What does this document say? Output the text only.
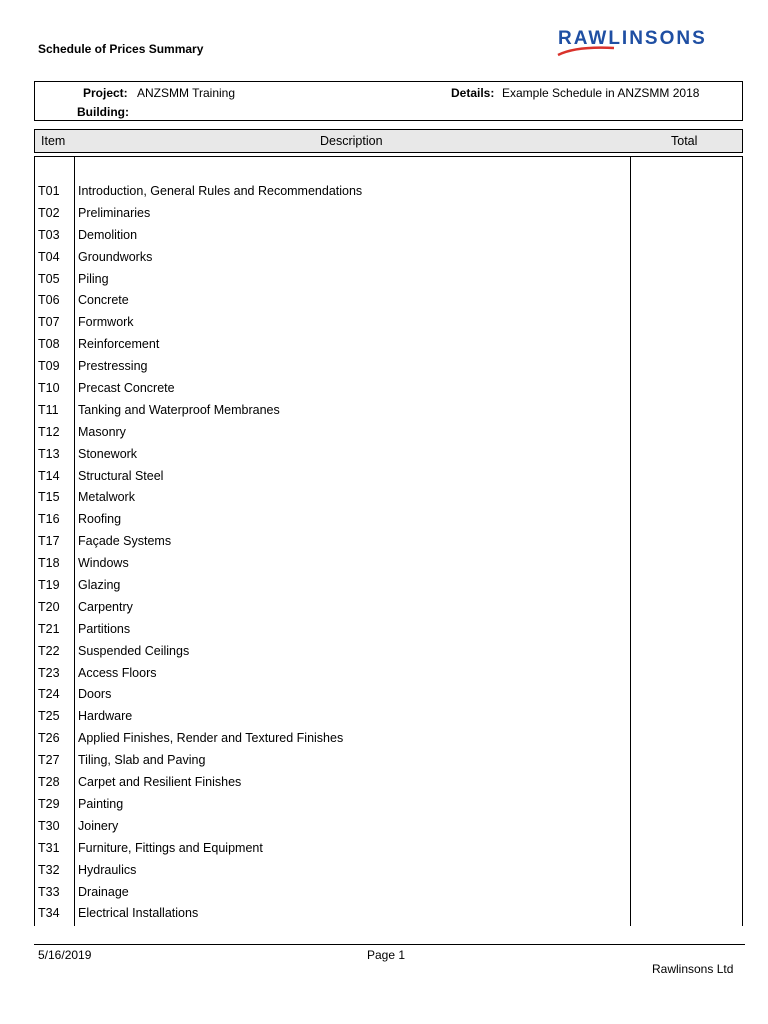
Schedule of Prices Summary	RAWLINSONS
Project: ANZSMM Training
Building:
Details: Example Schedule in ANZSMM 2018
Item	Description	Total
T01 Introduction, General Rules and Recommendations
T02 Preliminaries
T03 Demolition
T04 Groundworks
T05 Piling
T06 Concrete
T07 Formwork
T08 Reinforcement
T09 Prestressing
T10 Precast Concrete
T11 Tanking and Waterproof Membranes
T12 Masonry
T13 Stonework
T14 Structural Steel
T15 Metalwork
T16 Roofing
T17 Façade Systems
T18 Windows
T19 Glazing
T20 Carpentry
T21 Partitions
T22 Suspended Ceilings
T23 Access Floors
T24 Doors
T25 Hardware
T26 Applied Finishes, Render and Textured Finishes
T27 Tiling, Slab and Paving
T28 Carpet and Resilient Finishes
T29 Painting
T30 Joinery
T31 Furniture, Fittings and Equipment
T32 Hydraulics
T33 Drainage
T34 Electrical Installations
5/16/2019	Page 1
Rawlinsons Ltd
